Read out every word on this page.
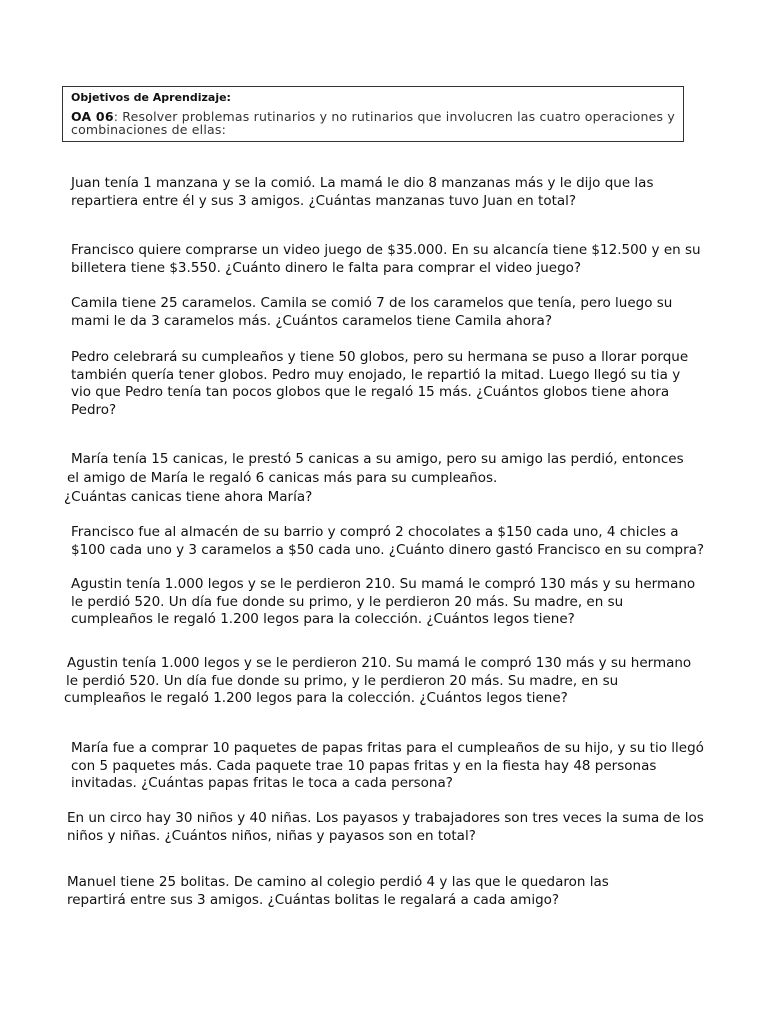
Objetivos de Aprendizaje:

OA 06: Resolver problemas rutinarios y no rutinarios que involucren las cuatro operaciones y
combinaciones de ellas:

Juan tenía 1 manzana y se la comió. La mamá le dio 8 manzanas más y le dijo que las
repartiera entre él y sus 3 amigos. ¿Cuántas manzanas tuvo Juan en total?
Francisco quiere comprarse un video juego de $35.000. En su alcancía tiene $12.500 y en su
billetera tiene $3.550. ¿Cuánto dinero le falta para comprar el video juego?
Camila tiene 25 caramelos. Camila se comió 7 de los caramelos que tenía, pero luego su
mami le da 3 caramelos más. ¿Cuántos caramelos tiene Camila ahora?
Pedro celebrará su cumpleaños y tiene 50 globos, pero su hermana se puso a llorar porque
también quería tener globos. Pedro muy enojado, le repartió la mitad. Luego llegó su tia y
vio que Pedro tenía tan pocos globos que le regaló 15 más. ¿Cuántos globos tiene ahora
Pedro?
María tenía 15 canicas, le prestó 5 canicas a su amigo, pero su amigo las perdió, entonces
el amigo de María le regaló 6 canicas más para su cumpleaños.
¿Cuántas canicas tiene ahora María?
Francisco fue al almacén de su barrio y compró 2 chocolates a $150 cada uno, 4 chicles a
$100 cada uno y 3 caramelos a $50 cada uno. ¿Cuánto dinero gastó Francisco en su compra?
Agustin tenía 1.000 legos y se le perdieron 210. Su mamá le compró 130 más y su hermano
le perdió 520. Un día fue donde su primo, y le perdieron 20 más. Su madre, en su
cumpleaños le regaló 1.200 legos para la colección. ¿Cuántos legos tiene?
Agustin tenía 1.000 legos y se le perdieron 210. Su mamá le compró 130 más y su hermano
le perdió 520. Un día fue donde su primo, y le perdieron 20 más. Su madre, en su
cumpleaños le regaló 1.200 legos para la colección. ¿Cuántos legos tiene?
María fue a comprar 10 paquetes de papas fritas para el cumpleaños de su hijo, y su tio llegó
con 5 paquetes más. Cada paquete trae 10 papas fritas y en la fiesta hay 48 personas
invitadas. ¿Cuántas papas fritas le toca a cada persona?
En un circo hay 30 niños y 40 niñas. Los payasos y trabajadores son tres veces la suma de los
niños y niñas. ¿Cuántos niños, niñas y payasos son en total?
Manuel tiene 25 bolitas. De camino al colegio perdió 4 y las que le quedaron las
repartirá entre sus 3 amigos. ¿Cuántas bolitas le regalará a cada amigo?
